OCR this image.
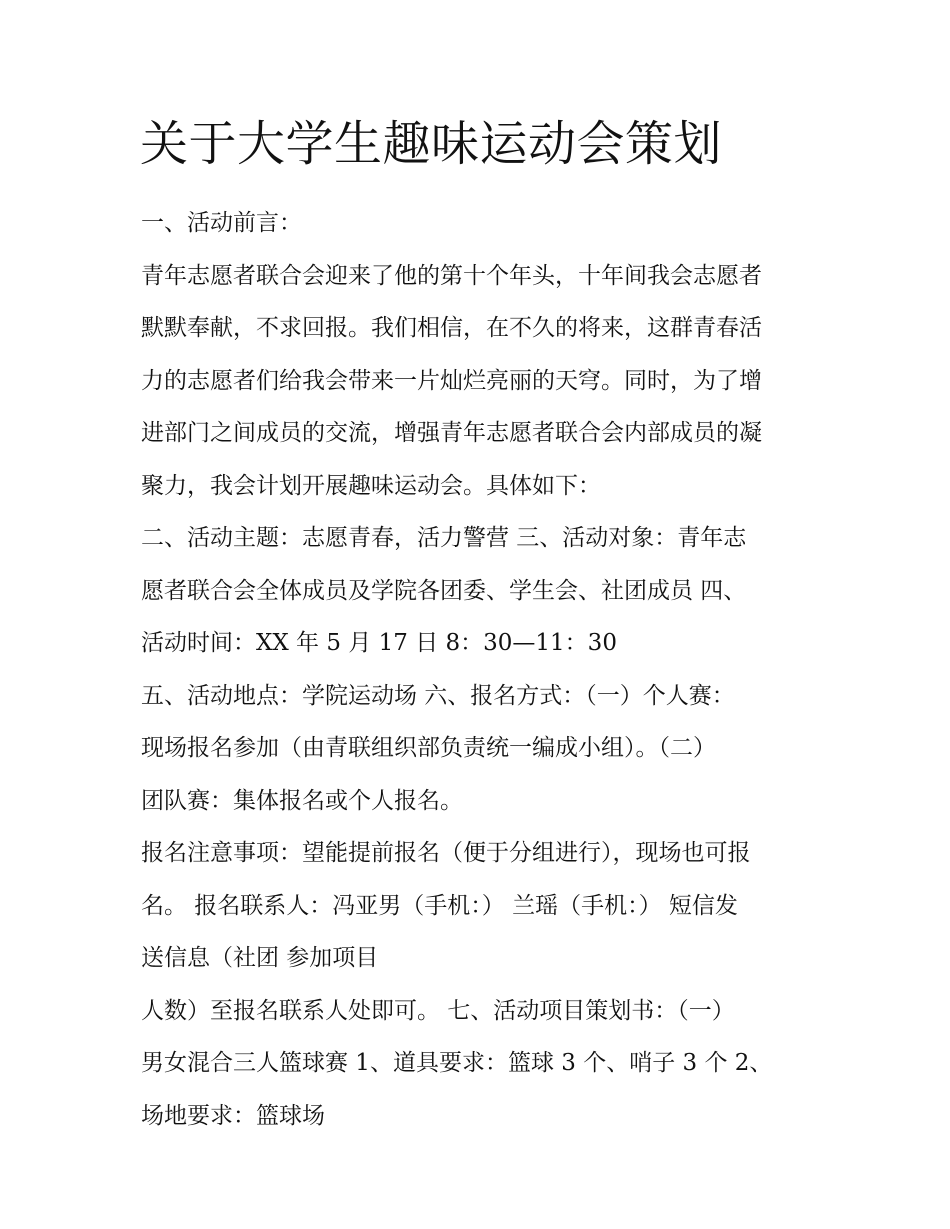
关于大学生趣味运动会策划
一、活动前言：
青年志愿者联合会迎来了他的第十个年头，十年间我会志愿者
默默奉献，不求回报。我们相信，在不久的将来，这群青春活
力的志愿者们给我会带来一片灿烂亮丽的天穹。同时，为了增
进部门之间成员的交流，增强青年志愿者联合会内部成员的凝
聚力，我会计划开展趣味运动会。具体如下：
二、活动主题：志愿青春，活力警营 三、活动对象：青年志
愿者联合会全体成员及学院各团委、学生会、社团成员 四、
活动时间：XX 年 5 月 17 日 8：30—11：30
五、活动地点：学院运动场 六、报名方式：（一）个人赛：
现场报名参加（由青联组织部负责统一编成小组）。（二）
团队赛：集体报名或个人报名。
报名注意事项：望能提前报名（便于分组进行），现场也可报
名。 报名联系人：冯亚男（手机：） 兰瑶（手机：） 短信发
送信息（社团 参加项目
人数）至报名联系人处即可。 七、活动项目策划书：（一）
男女混合三人篮球赛 1、道具要求：篮球 3 个、哨子 3 个 2、
场地要求：篮球场
